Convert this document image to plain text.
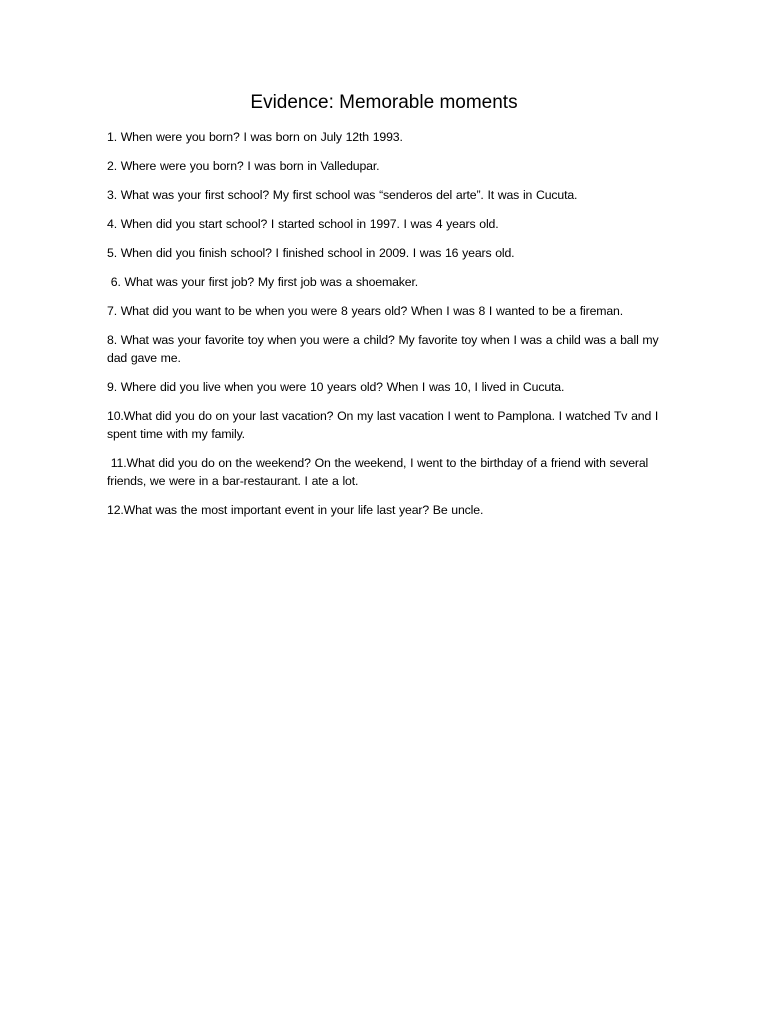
Evidence: Memorable moments
1. When were you born? I was born on July 12th 1993.
2. Where were you born? I was born in Valledupar.
3. What was your first school? My first school was “senderos del arte”. It was in Cucuta.
4. When did you start school? I started school in 1997. I was 4 years old.
5. When did you finish school? I finished school in 2009. I was 16 years old.
6. What was your first job? My first job was a shoemaker.
7. What did you want to be when you were 8 years old? When I was 8 I wanted to be a fireman.
8. What was your favorite toy when you were a child? My favorite toy when I was a child was a ball my dad gave me.
9. Where did you live when you were 10 years old? When I was 10, I lived in Cucuta.
10.What did you do on your last vacation? On my last vacation I went to Pamplona. I watched Tv and I spent time with my family.
11.What did you do on the weekend? On the weekend, I went to the birthday of a friend with several friends, we were in a bar-restaurant. I ate a lot.
12.What was the most important event in your life last year? Be uncle.
